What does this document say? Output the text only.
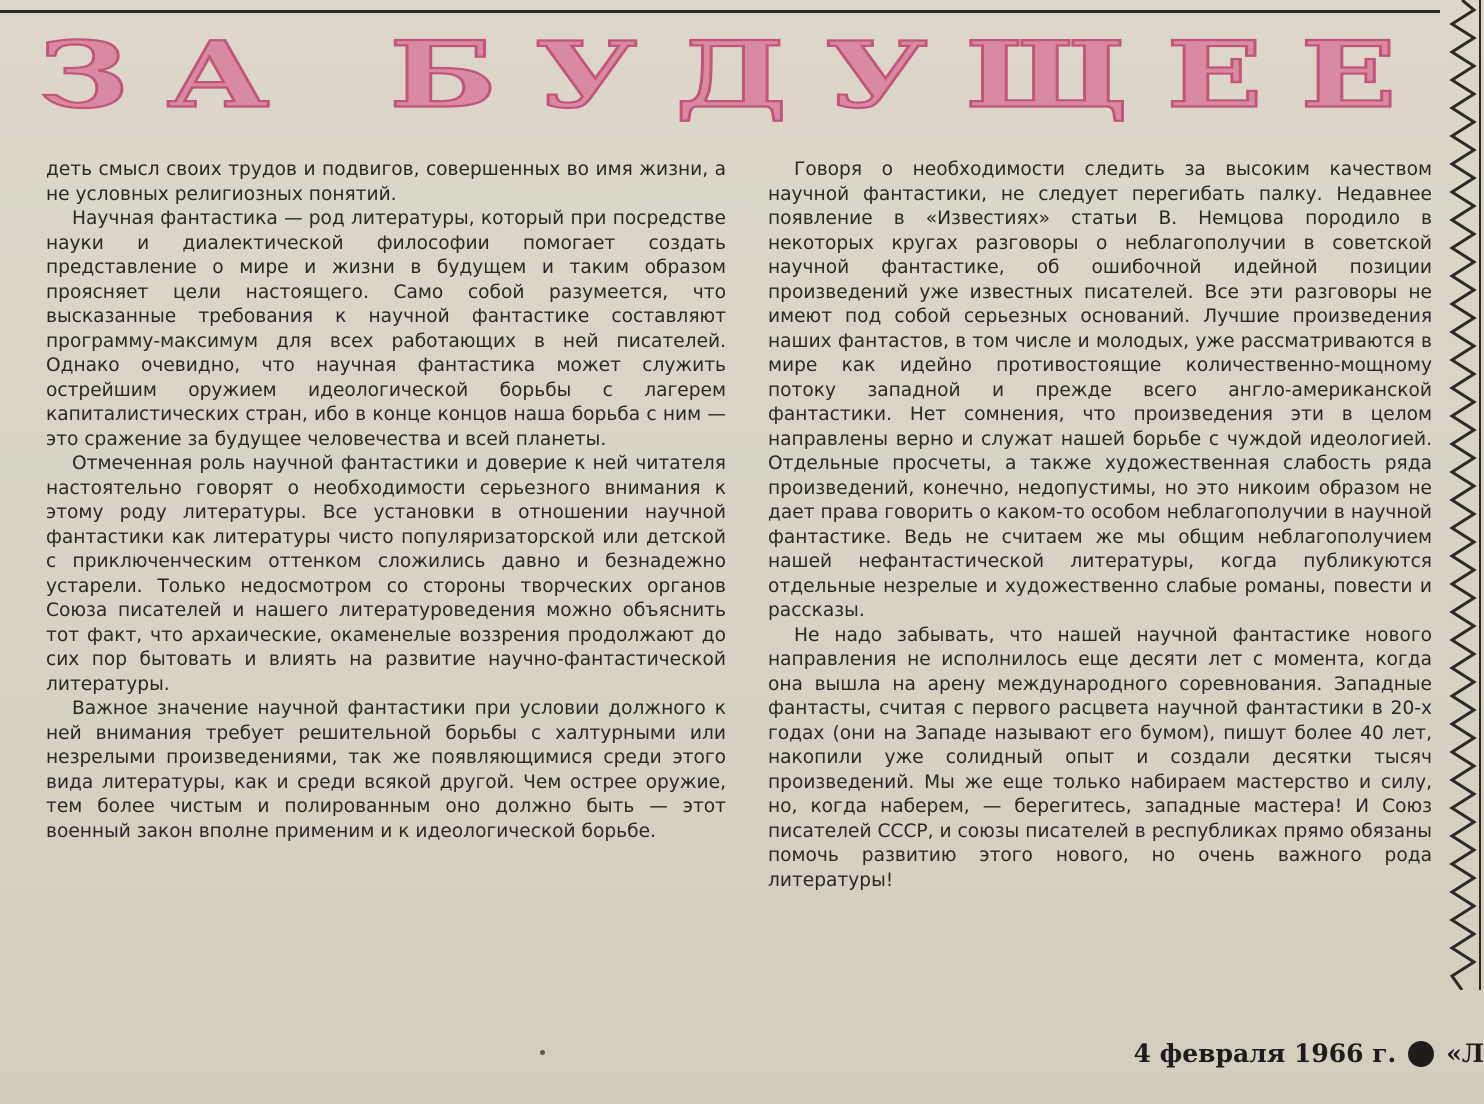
ЗА БУДУЩЕЕ

деть смысл своих трудов и подвигов, совершенных во имя жизни, а не условных религиозных понятий.

Научная фантастика — род литературы, который при посредстве науки и диалектической философии помогает создать представление о мире и жизни в будущем и таким образом проясняет цели настоящего. Само собой разумеется, что высказанные требования к научной фантастике составляют программу-максимум для всех работающих в ней писателей. Однако очевидно, что научная фантастика может служить острейшим оружием идеологической борьбы с лагерем капиталистических стран, ибо в конце концов наша борьба с ним — это сражение за будущее человечества и всей планеты.

Отмеченная роль научной фантастики и доверие к ней читателя настоятельно говорят о необходимости серьезного внимания к этому роду литературы. Все установки в отношении научной фантастики как литературы чисто популяризаторской или детской с приключенческим оттенком сложились давно и безнадежно устарели. Только недосмотром со стороны творческих органов Союза писателей и нашего литературоведения можно объяснить тот факт, что архаические, окаменелые воззрения продолжают до сих пор бытовать и влиять на развитие научно-фантастической литературы.

Важное значение научной фантастики при условии должного к ней внимания требует решительной борьбы с халтурными или незрелыми произведениями, так же появляющимися среди этого вида литературы, как и среди всякой другой. Чем острее оружие, тем более чистым и полированным оно должно быть — этот военный закон вполне применим и к идеологической борьбе.

Говоря о необходимости следить за высоким качеством научной фантастики, не следует перегибать палку. Недавнее появление в «Известиях» статьи В. Немцова породило в некоторых кругах разговоры о неблагополучии в советской научной фантастике, об ошибочной идейной позиции произведений уже известных писателей. Все эти разговоры не имеют под собой серьезных оснований. Лучшие произведения наших фантастов, в том числе и молодых, уже рассматриваются в мире как идейно противостоящие количественно-мощному потоку западной и прежде всего англо-американской фантастики. Нет сомнения, что произведения эти в целом направлены верно и служат нашей борьбе с чуждой идеологией. Отдельные просчеты, а также художественная слабость ряда произведений, конечно, недопустимы, но это никоим образом не дает права говорить о каком-то особом неблагополучии в научной фантастике. Ведь не считаем же мы общим неблагополучием нашей нефантастической литературы, когда публикуются отдельные незрелые и художественно слабые романы, повести и рассказы.

Не надо забывать, что нашей научной фантастике нового направления не исполнилось еще десяти лет с момента, когда она вышла на арену международного соревнования. Западные фантасты, считая с первого расцвета научной фантастики в 20-х годах (они на Западе называют его бумом), пишут более 40 лет, накопили уже солидный опыт и создали десятки тысяч произведений. Мы же еще только набираем мастерство и силу, но, когда наберем, — берегитесь, западные мастера! И Союз писателей СССР, и союзы писателей в республиках прямо обязаны помочь развитию этого нового, но очень важного рода литературы!

4 февраля 1966 г. «Л
